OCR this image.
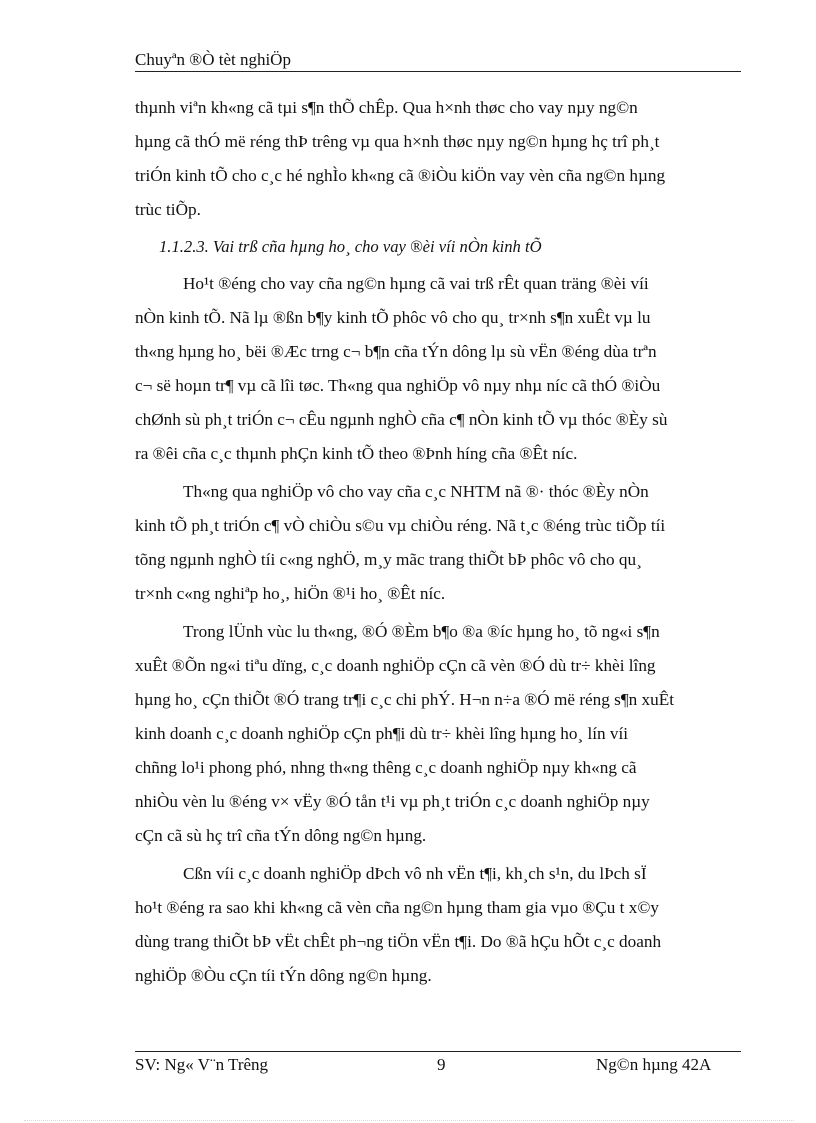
Chuyªn ®Ò tèt nghiÖp
thµnh viªn kh«ng cã tµi s¶n thÕ chÊp. Qua h×nh thøc cho vay nµy ng©n
hµng cã thÓ më réng thÞ trêng vµ qua h×nh thøc nµy ng©n hµng hç trî ph¸t
triÓn kinh tÕ cho c¸c hé nghÌo kh«ng cã ®iÒu kiÖn vay vèn cña ng©n hµng
trùc tiÕp.
1.1.2.3. Vai trß cña hµng ho¸ cho vay ®èi víi nÒn kinh tÕ
Ho¹t ®éng cho vay cña ng©n hµng cã vai trß rÊt quan träng ®èi víi
nÒn kinh tÕ. Nã lµ ®ßn b¶y kinh tÕ phôc vô cho qu¸ tr×nh s¶n xuÊt vµ lu
th«ng hµng ho¸ bëi ®Æc trng c¬ b¶n cña tÝn dông lµ sù vËn ®éng dùa trªn
c¬ së hoµn tr¶ vµ cã lîi tøc. Th«ng qua nghiÖp vô nµy nhµ níc cã thÓ ®iÒu
chØnh sù ph¸t triÓn c¬ cÊu ngµnh nghÒ cña c¶ nÒn kinh tÕ vµ thóc ®Èy sù
ra ®êi cña c¸c thµnh phÇn kinh tÕ theo ®Þnh híng cña ®Êt níc.
Th«ng qua nghiÖp vô cho vay cña c¸c NHTM nã ®· thóc ®Èy nÒn
kinh tÕ ph¸t triÓn c¶ vÒ chiÒu s©u vµ chiÒu réng. Nã t¸c ®éng trùc tiÕp tíi
tõng ngµnh nghÒ tíi c«ng nghÖ, m¸y mãc trang thiÕt bÞ phôc vô cho qu¸
tr×nh c«ng nghiªp ho¸, hiÖn ®¹i ho¸ ®Êt níc.
Trong lÜnh vùc lu th«ng, ®Ó ®Èm b¶o ®a ®íc hµng ho¸ tõ ng«i s¶n
xuÊt ®Õn ng«i tiªu dïng, c¸c doanh nghiÖp cÇn cã vèn ®Ó dù tr÷ khèi lîng
hµng ho¸ cÇn thiÕt ®Ó trang tr¶i c¸c chi phÝ. H¬n n÷a ®Ó më réng s¶n xuÊt
kinh doanh c¸c doanh nghiÖp cÇn ph¶i dù tr÷ khèi lîng hµng ho¸ lín víi
chñng lo¹i phong phó, nhng th«ng thêng c¸c doanh nghiÖp nµy kh«ng cã
nhiÒu vèn lu ®éng v× vËy ®Ó tån t¹i vµ ph¸t triÓn c¸c doanh nghiÖp nµy
cÇn cã sù hç trî cña tÝn dông ng©n hµng.
Cßn víi c¸c doanh nghiÖp dÞch vô nh vËn t¶i, kh¸ch s¹n, du lÞch sÏ
ho¹t ®éng ra sao khi kh«ng cã vèn cña ng©n hµng tham gia vµo ®Çu t x©y
dùng trang thiÕt bÞ vËt chÊt ph¬ng tiÖn vËn t¶i. Do ®ã hÇu hÕt c¸c doanh
nghiÖp ®Òu cÇn tíi tÝn dông ng©n hµng.
SV: Ng« V¨n Trêng	9	Ng©n hµng 42A
